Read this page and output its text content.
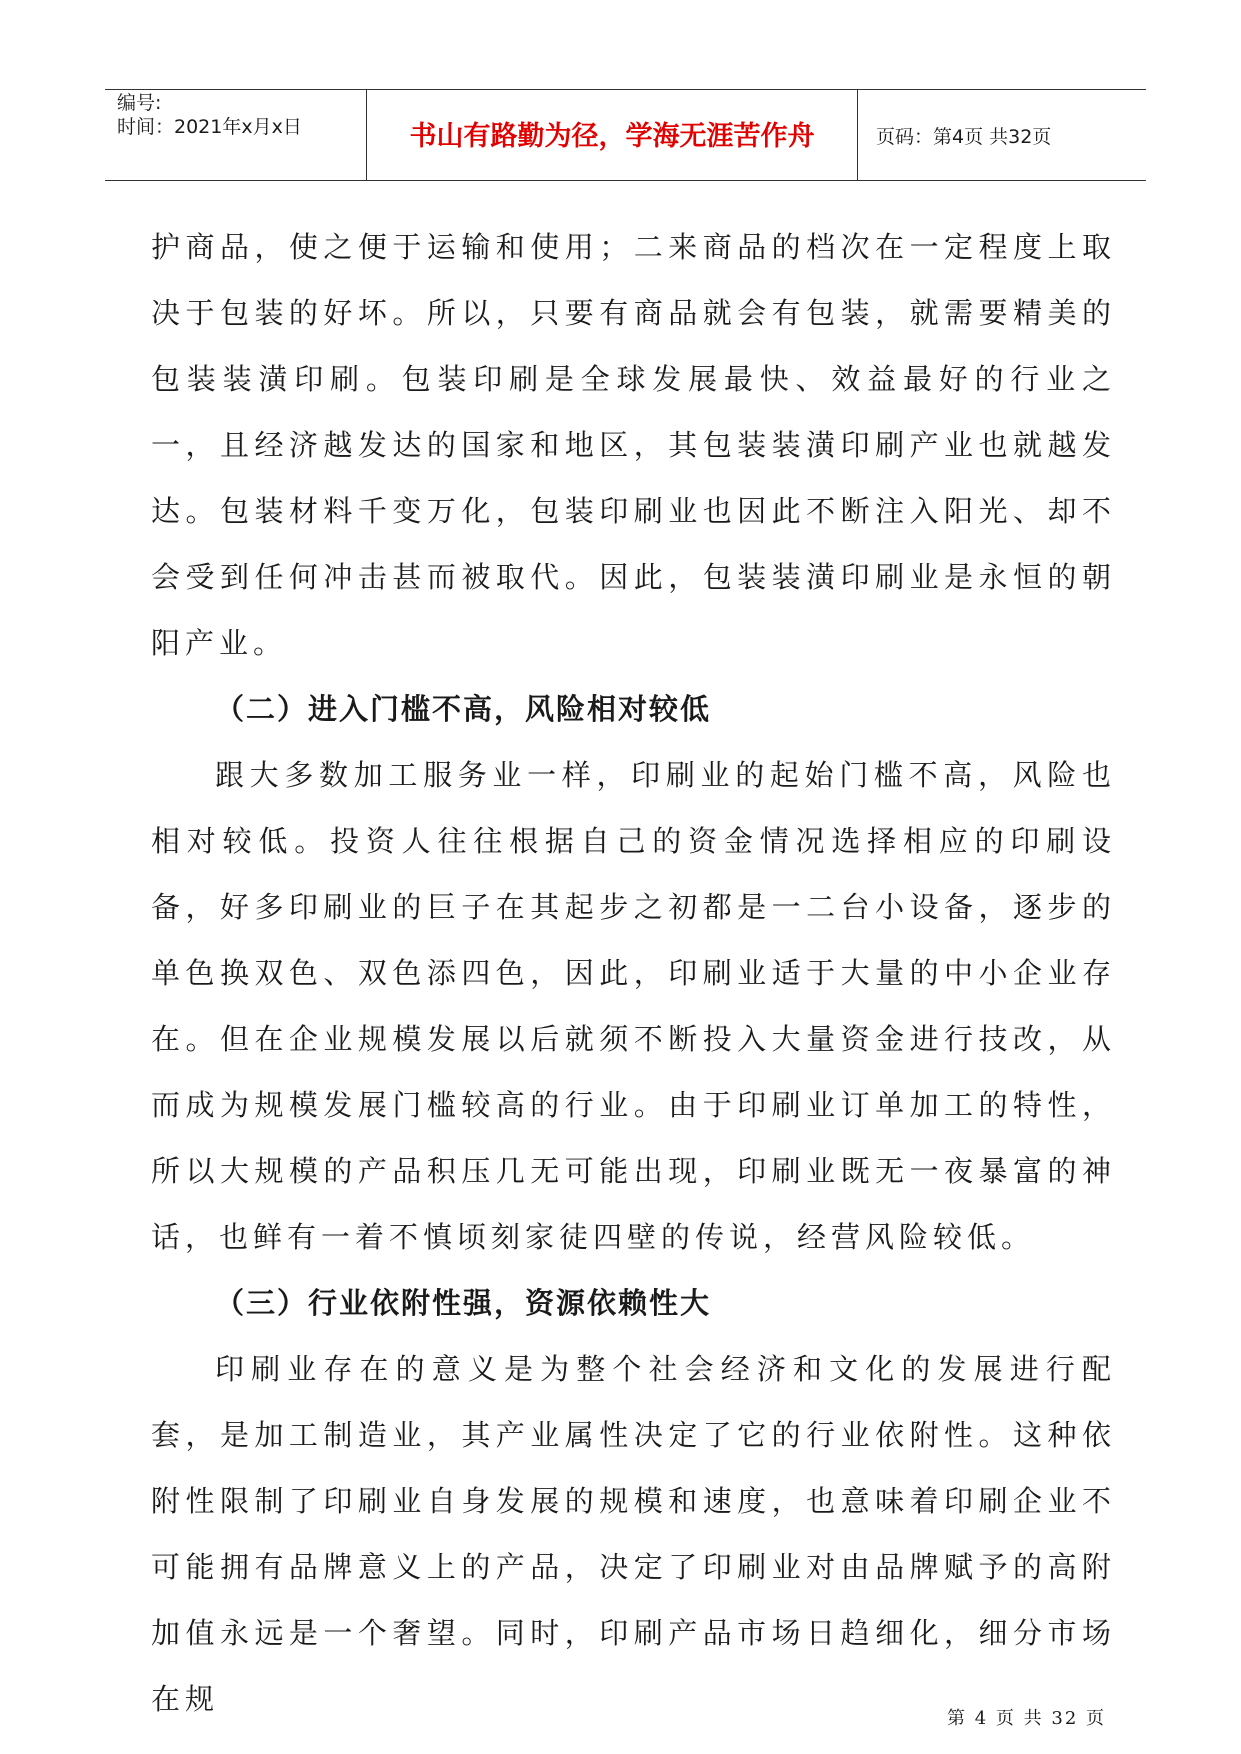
编号:
时间：2021年x月x日	书山有路勤为径，学海无涯苦作舟	页码：第4页 共32页

护商品，使之便于运输和使用；二来商品的档次在一定程度上取决于包装的好坏。所以，只要有商品就会有包装，就需要精美的包装装潢印刷。包装印刷是全球发展最快、效益最好的行业之一，且经济越发达的国家和地区，其包装装潢印刷产业也就越发达。包装材料千变万化，包装印刷业也因此不断注入阳光、却不会受到任何冲击甚而被取代。因此，包装装潢印刷业是永恒的朝阳产业。

（二）进入门槛不高，风险相对较低

跟大多数加工服务业一样，印刷业的起始门槛不高，风险也相对较低。投资人往往根据自己的资金情况选择相应的印刷设备，好多印刷业的巨子在其起步之初都是一二台小设备，逐步的单色换双色、双色添四色，因此，印刷业适于大量的中小企业存在。但在企业规模发展以后就须不断投入大量资金进行技改，从而成为规模发展门槛较高的行业。由于印刷业订单加工的特性，所以大规模的产品积压几无可能出现，印刷业既无一夜暴富的神话，也鲜有一着不慎顷刻家徒四壁的传说，经营风险较低。

（三）行业依附性强，资源依赖性大

印刷业存在的意义是为整个社会经济和文化的发展进行配套，是加工制造业，其产业属性决定了它的行业依附性。这种依附性限制了印刷业自身发展的规模和速度，也意味着印刷企业不可能拥有品牌意义上的产品，决定了印刷业对由品牌赋予的高附加值永远是一个奢望。同时，印刷产品市场日趋细化，细分市场在规

第 4 页 共 32 页
